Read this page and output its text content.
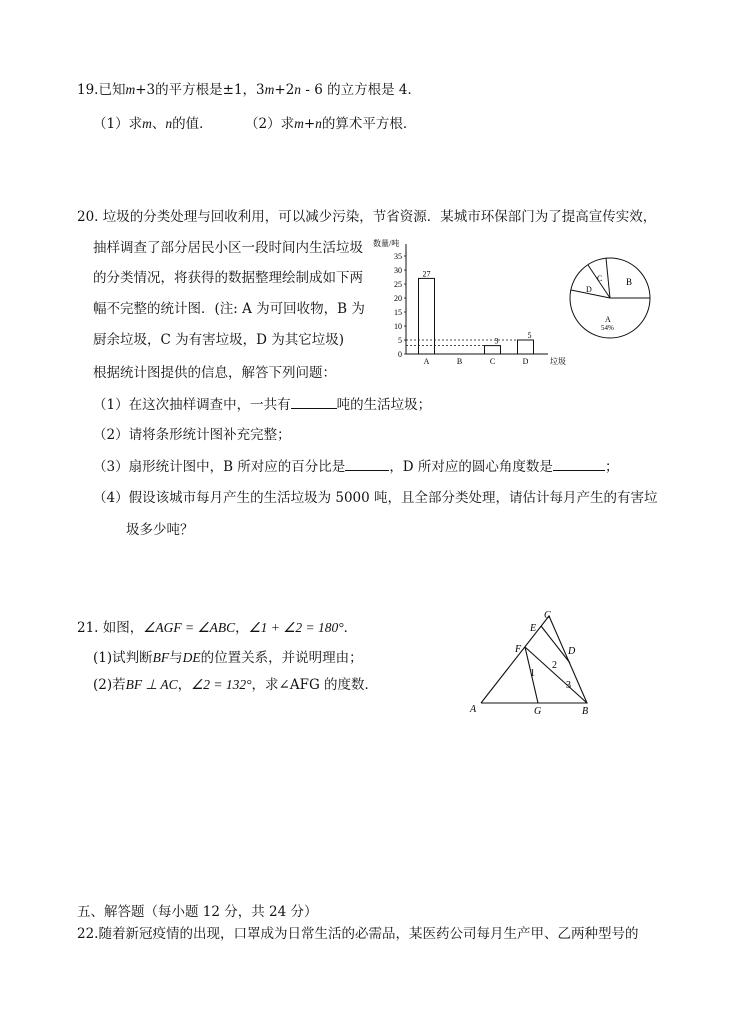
19.已知m+3的平方根是±1，3m+2n - 6 的立方根是 4．
（1）求m、n的值． （2）求m+n的算术平方根．
20. 垃圾的分类处理与回收利用，可以减少污染，节省资源．某城市环保部门为了提高宣传实效，
抽样调查了部分居民小区一段时间内生活垃圾
的分类情况，将获得的数据整理绘制成如下两
幅不完整的统计图．(注: A 为可回收物，B 为
厨余垃圾，C 为有害垃圾，D 为其它垃圾)
根据统计图提供的信息，解答下列问题：
（1）在这次抽样调查中，一共有	吨的生活垃圾；
（2）请将条形统计图补充完整；
（3）扇形统计图中，B 所对应的百分比是	，D 所对应的圆心角度数是	；
（4）假设该城市每月产生的生活垃圾为 5000 吨，且全部分类处理，请估计每月产生的有害垃
圾多少吨？
数量/吨
垃圾
0
5
10
15
20
25
30
35
A
27
B	C
3
D
5
B
C
D
A
54%
21. 如图，∠AGF = ∠ABC，∠1 + ∠2 = 180°．
(1)试判断BF与DE的位置关系，并说明理由；
(2)若BF ⊥ AC，∠2 = 132°，求∠AFG 的度数．
C
E
F	D
A	G	B
1
2
3
五、解答题（每小题 12 分，共 24 分）
22.随着新冠疫情的出现，口罩成为日常生活的必需品，某医药公司每月生产甲、乙两种型号的
